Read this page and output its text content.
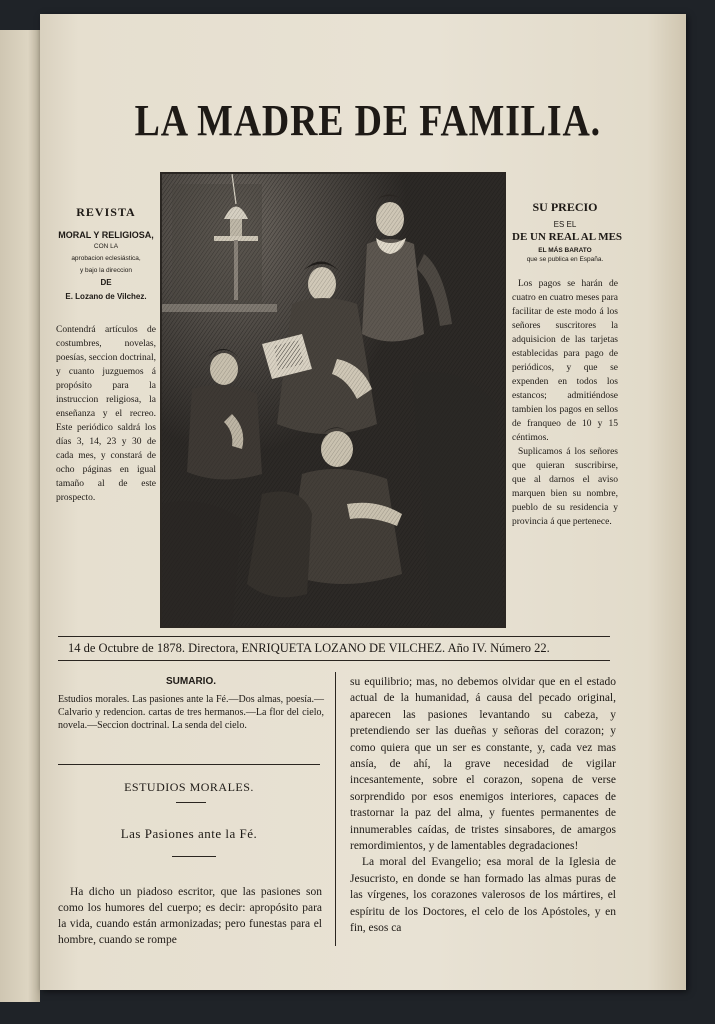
LA MADRE DE FAMILIA.
REVISTA
MORAL Y RELIGIOSA,
CON LA
aprobacion eclesiástica,
y bajo la direccion
DE
E. Lozano de Vilchez.
Contendrá artículos de costumbres, novelas, poesías, seccion doctrinal, y cuanto juzguemos á propósito para la instruccion religiosa, la enseñanza y el recreo. Este periódico saldrá los días 3, 14, 23 y 30 de cada mes, y constará de ocho páginas en igual tamaño al de este prospecto.
SU PRECIO
ES EL
DE UN REAL AL MES
EL MÁS BARATO
que se publica en España.

Los pagos se harán de cuatro en cuatro meses para facilitar de este modo á los señores suscritores la adquisicion de las tarjetas establecidas para pago de periódicos, y que se expenden en todos los estancos; admitiéndose tambien los pagos en sellos de franqueo de 10 y 15 céntimos.

Suplicamos á los señores que quieran suscribirse, que al darnos el aviso marquen bien su nombre, pueblo de su residencia y provincia á que pertenece.

14 de Octubre de 1878. Directora, ENRIQUETA LOZANO DE VILCHEZ. Año IV. Número 22.
SUMARIO.
Estudios morales. Las pasiones ante la Fé.—Dos almas, poesía.—Calvario y redencion. cartas de tres hermanos.—La flor del cielo, novela.—Seccion doctrinal. La senda del cielo.
ESTUDIOS MORALES.
Las Pasiones ante la Fé.

Ha dicho un piadoso escritor, que las pasiones son como los humores del cuerpo; es decir: apropósito para la vida, cuando están armonizadas; pero funestas para el hombre, cuando se rompe

su equilibrio; mas, no debemos olvidar que en el estado actual de la humanidad, á causa del pecado original, aparecen las pasiones levantando su cabeza, y pretendiendo ser las dueñas y señoras del corazon; y como quiera que un ser es constante, y, cada vez mas ansía, de ahí, la grave necesidad de vigilar incesantemente, sobre el corazon, sopena de verse sorprendido por esos enemigos interiores, capaces de trastornar la paz del alma, y fuentes permanentes de innumerables caídas, de tristes sinsabores, de amargos remordimientos, y de lamentables degradaciones!

La moral del Evangelio; esa moral de la Iglesia de Jesucristo, en donde se han formado las almas puras de las vírgenes, los corazones valerosos de los mártires, el espíritu de los Doctores, el celo de los Apóstoles, y en fin, esos ca
